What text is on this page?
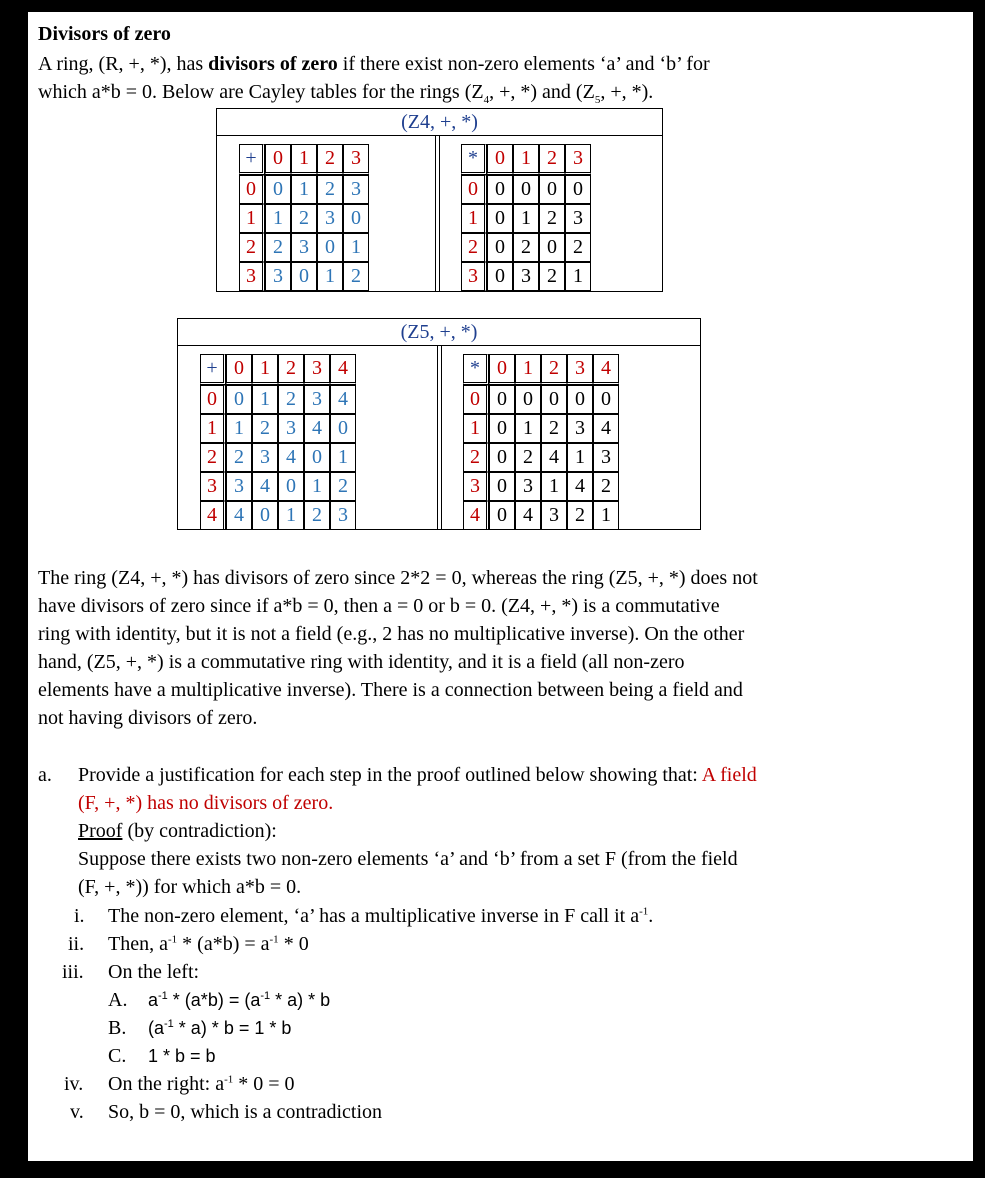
Divisors of zero
A ring, (R, +, *), has divisors of zero if there exist non-zero elements ‘a’ and ‘b’ for
which a*b = 0. Below are Cayley tables for the rings ($Z_4$, +, *) and ($Z_5$, +, *).
(Z4, +, *)
+	0	1	2	3
0	0	1	2	3
1	1	2	3	0
2	2	3	0	1
3	3	0	1	2
*	0	1	2	3
0	0	0	0	0
1	0	1	2	3
2	0	2	0	2
3	0	3	2	1
(Z5, +, *)
+	0	1	2	3	4
0	0	1	2	3	4
1	1	2	3	4	0
2	2	3	4	0	1
3	3	4	0	1	2
4	4	0	1	2	3
*	0	1	2	3	4
0	0	0	0	0	0
1	0	1	2	3	4
2	0	2	4	1	3
3	0	3	1	4	2
4	0	4	3	2	1
The ring (Z4, +, *) has divisors of zero since 2*2 = 0, whereas the ring (Z5, +, *) does not
have divisors of zero since if a*b = 0, then a = 0 or b = 0. (Z4, +, *) is a commutative
ring with identity, but it is not a field (e.g., 2 has no multiplicative inverse). On the other
hand, (Z5, +, *) is a commutative ring with identity, and it is a field (all non-zero
elements have a multiplicative inverse). There is a connection between being a field and
not having divisors of zero.
a. Provide a justification for each step in the proof outlined below showing that: A field
(F, +, *) has no divisors of zero.
Proof (by contradiction):
Suppose there exists two non-zero elements ‘a’ and ‘b’ from a set F (from the field
(F, +, *)) for which a*b = 0.
i. The non-zero element, ‘a’ has a multiplicative inverse in F call it $a^{-1}$.
ii. Then, $a^{-1} * (a*b) = a^{-1} * 0$
iii. On the left:
A. $a^{-1} * (a*b) = (a^{-1} * a) * b$
B. $(a^{-1} * a) * b = 1 * b$
C. 1 * b = b
iv. On the right: $a^{-1} * 0 = 0$
v. So, b = 0, which is a contradiction
